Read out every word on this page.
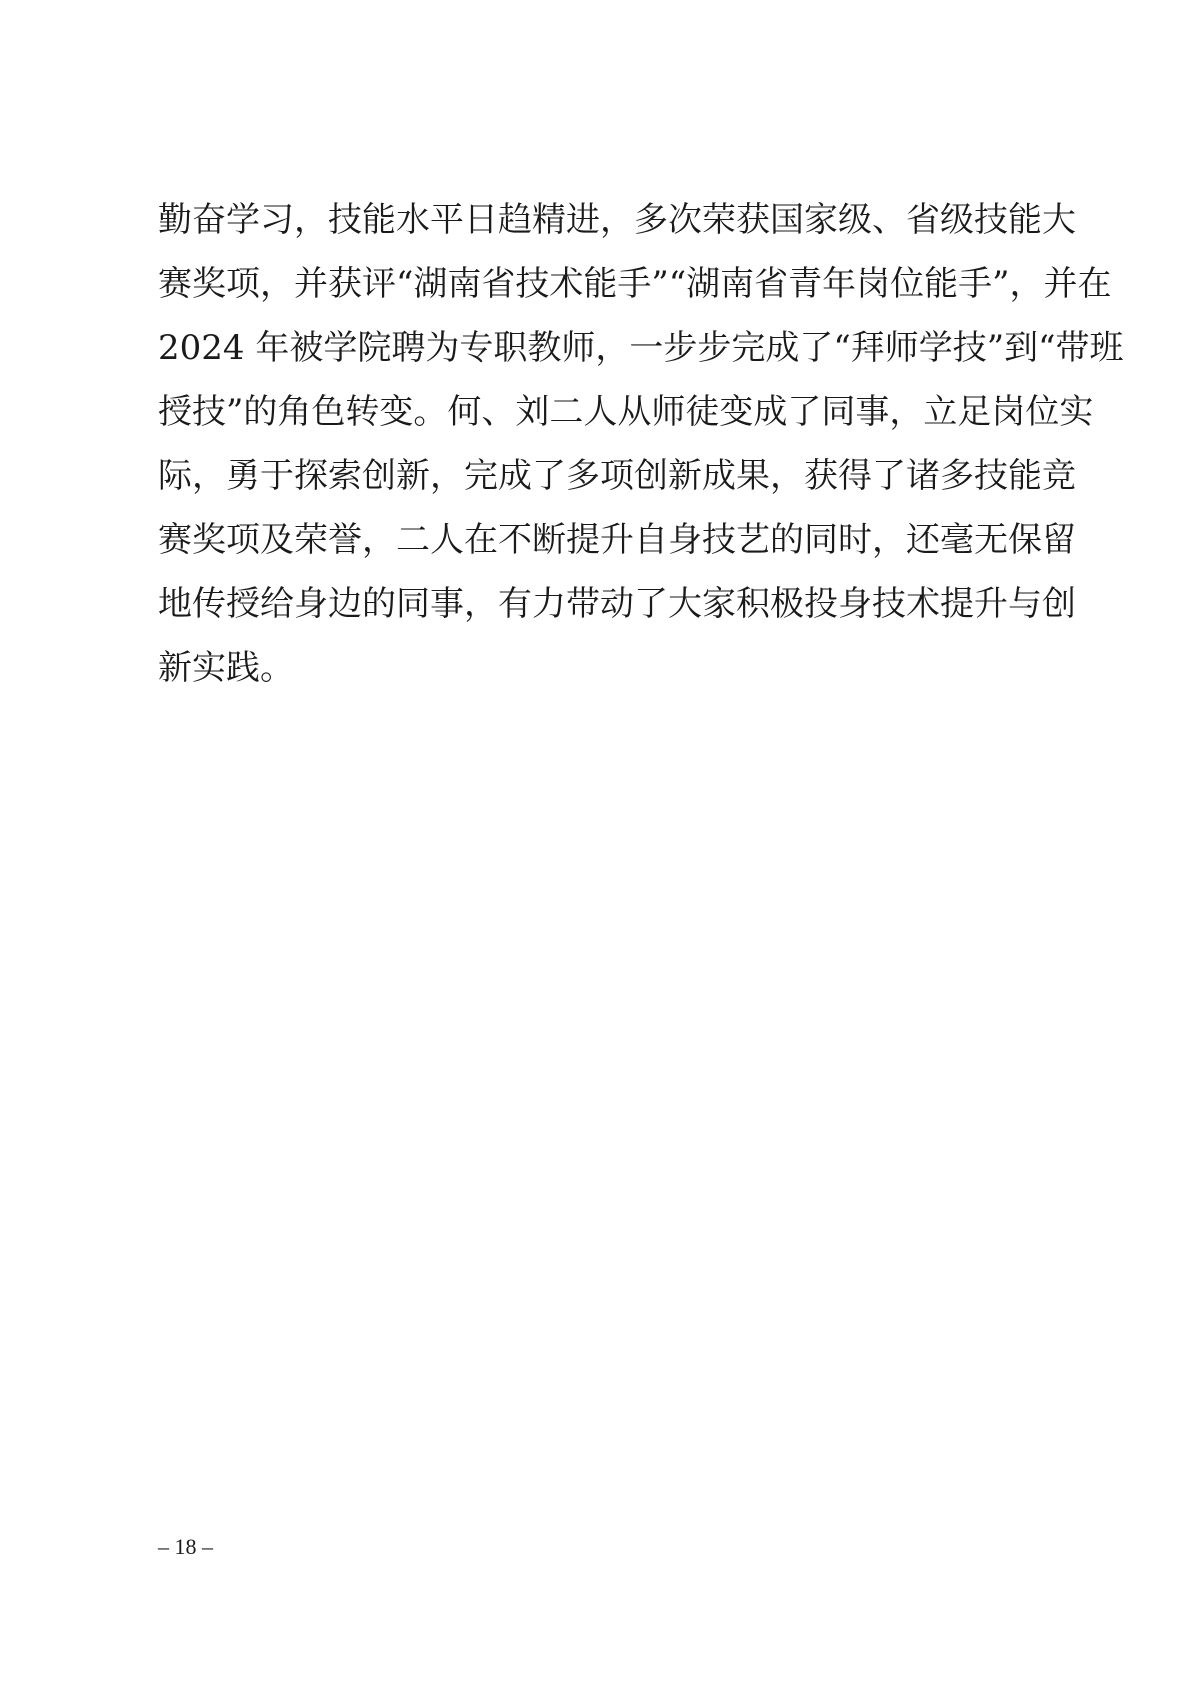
勤奋学习，技能水平日趋精进，多次荣获国家级、省级技能大
赛奖项，并获评“湖南省技术能手”“湖南省青年岗位能手”，并在
2024 年被学院聘为专职教师，一步步完成了“拜师学技”到“带班
授技”的角色转变。何、刘二人从师徒变成了同事，立足岗位实
际，勇于探索创新，完成了多项创新成果，获得了诸多技能竞
赛奖项及荣誉，二人在不断提升自身技艺的同时，还毫无保留
地传授给身边的同事，有力带动了大家积极投身技术提升与创
新实践。
– 18 –
